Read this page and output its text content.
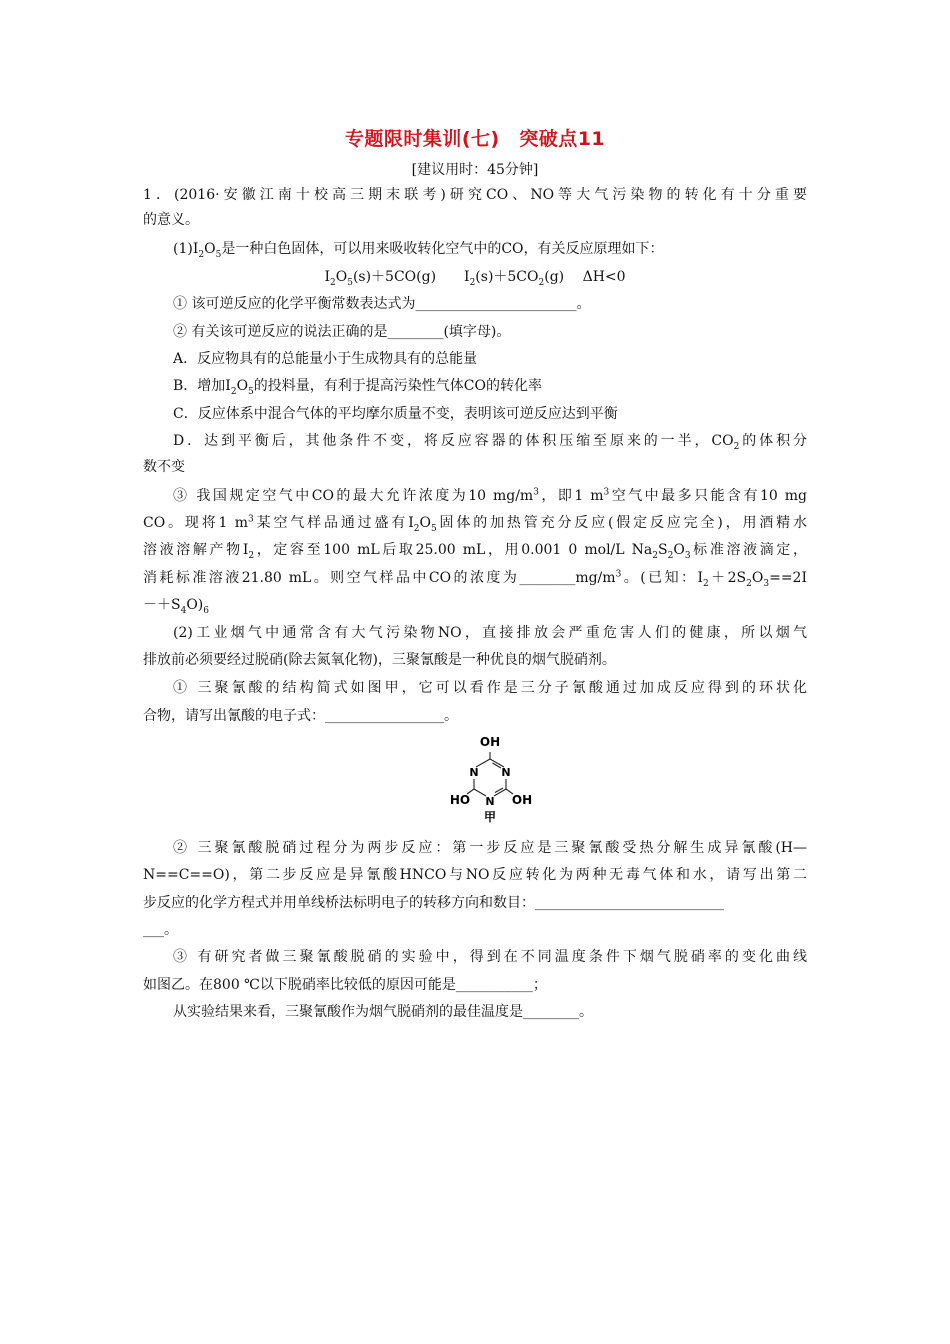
专题限时集训(七)　突破点11
[建议用时：45分钟]
1．(2016·安徽江南十校高三期末联考)研究CO、NO等大气污染物的转化有十分重要
的意义。
$(1)I_2O_5$是一种白色固体，可以用来吸收转化空气中的CO，有关反应原理如下：
$I_2O_5(s)+5CO(g)$　　$I_2(s)+5CO_2(g)$　 ΔH<0
① 该可逆反应的化学平衡常数表达式为_______________________。
② 有关该可逆反应的说法正确的是________(填字母)。
A．反应物具有的总能量小于生成物具有的总能量
B．增加$I_2O_5$的投料量，有利于提高污染性气体CO的转化率
C．反应体系中混合气体的平均摩尔质量不变，表明该可逆反应达到平衡
D．达到平衡后，其他条件不变，将反应容器的体积压缩至原来的一半，$CO_2$的体积分
数不变
③ 我国规定空气中CO的最大允许浓度为10 $mg/m^3$，即1 $m^3$空气中最多只能含有10 mg
CO。现将1 $m^3$某空气样品通过盛有$I_2O_5$固体的加热管充分反应(假定反应完全)，用酒精水
溶液溶解产物$I_2$，定容至100 mL后取25.00 mL，用0.001 0 mol/L $Na_2S_2O_3$标准溶液滴定，
消耗标准溶液21.80 mL。则空气样品中CO的浓度为$\_\_\_\_\_\_\_\_mg/m^3$。(已知：$I_2+2S_2O_3==2I$
$-+S_4O)_6$
(2)工业烟气中通常含有大气污染物NO，直接排放会严重危害人们的健康，所以烟气
排放前必须要经过脱硝(除去氮氧化物)，三聚氰酸是一种优良的烟气脱硝剂。
① 三聚氰酸的结构简式如图甲，它可以看作是三分子氰酸通过加成反应得到的环状化
合物，请写出氰酸的电子式：_________________。
OH
N N
N
HO	OH
甲
② 三聚氰酸脱硝过程分为两步反应：第一步反应是三聚氰酸受热分解生成异氰酸(H—
N==C==O)，第二步反应是异氰酸HNCO与NO反应转化为两种无毒气体和水，请写出第二
步反应的化学方程式并用单线桥法标明电子的转移方向和数目：___________________________
___。
③ 有研究者做三聚氰酸脱硝的实验中，得到在不同温度条件下烟气脱硝率的变化曲线
如图乙。在800 ℃以下脱硝率比较低的原因可能是___________；
从实验结果来看，三聚氰酸作为烟气脱硝剂的最佳温度是________。
